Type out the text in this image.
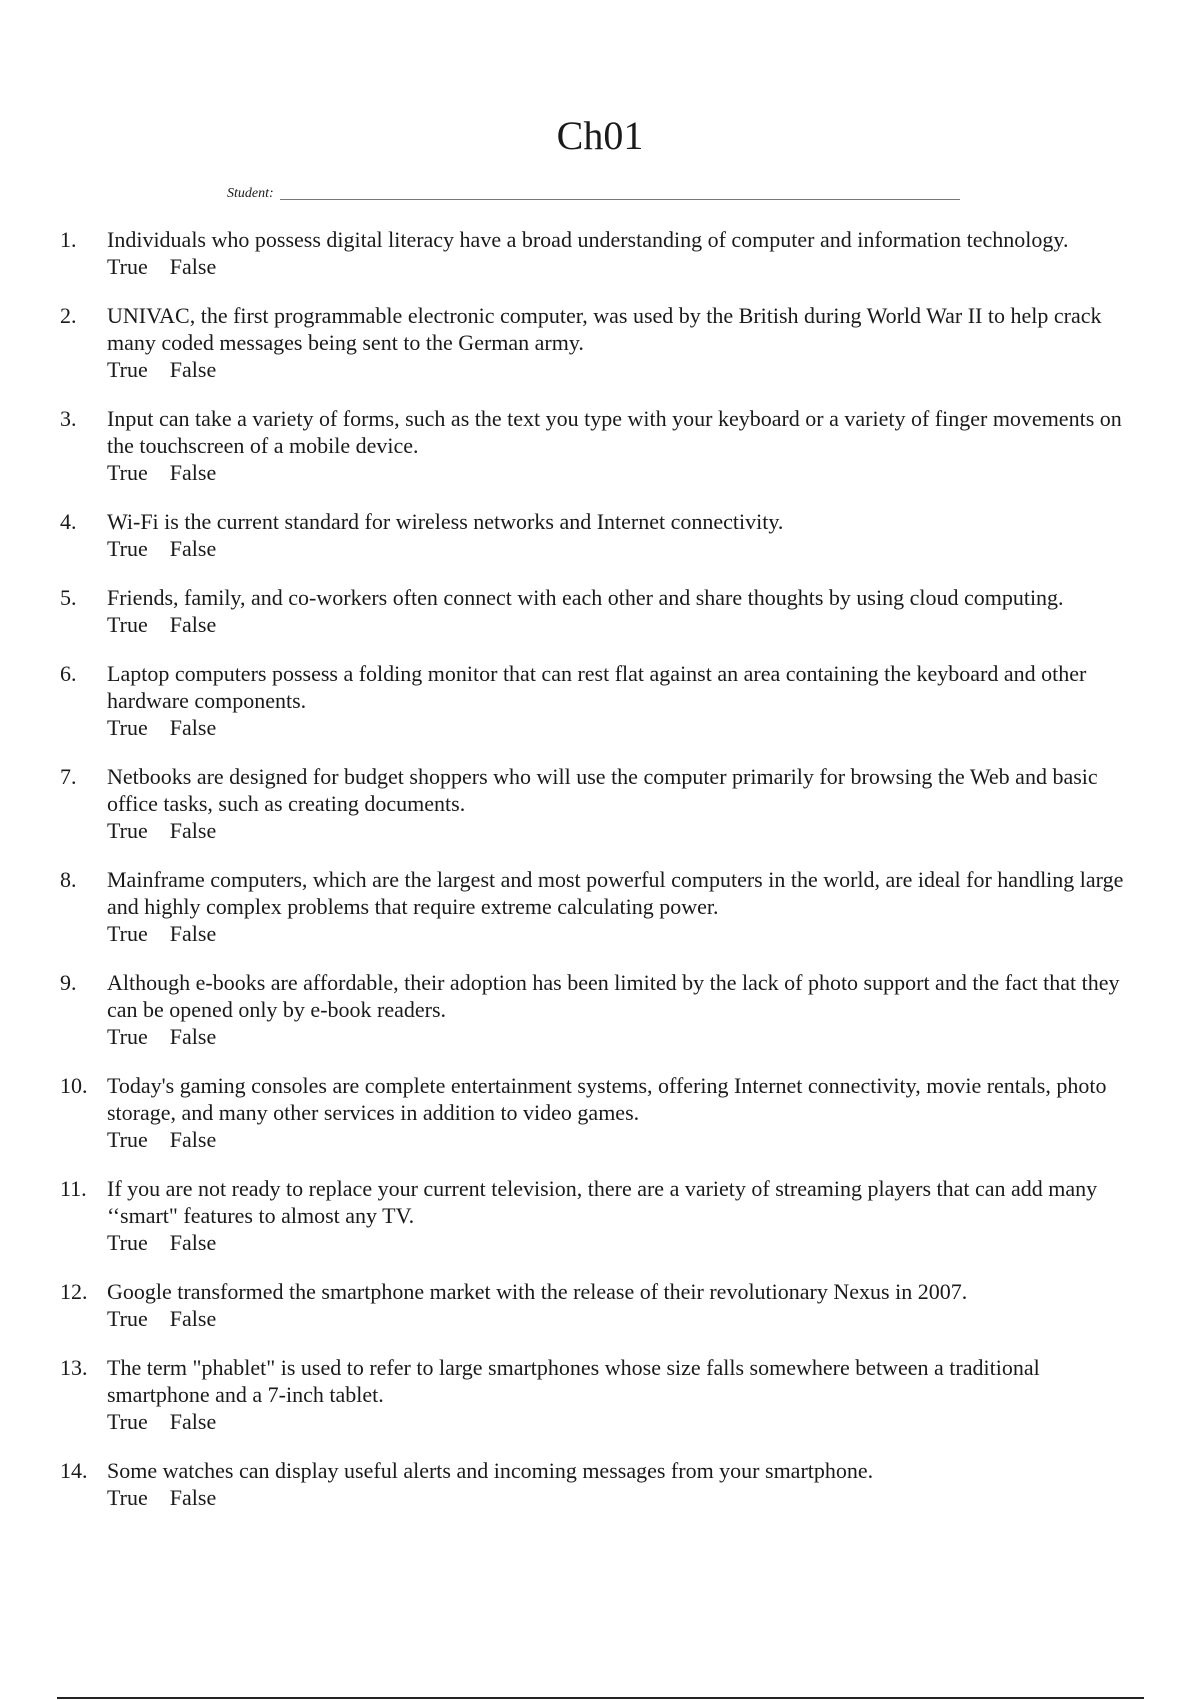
Ch01
Student:
1.	Individuals who possess digital literacy have a broad understanding of computer and information technology.
True False
2.	UNIVAC, the first programmable electronic computer, was used by the British during World War II to help crack many coded messages being sent to the German army.
True False
3.	Input can take a variety of forms, such as the text you type with your keyboard or a variety of finger movements on the touchscreen of a mobile device.
True False
4.	Wi-Fi is the current standard for wireless networks and Internet connectivity.
True False
5.	Friends, family, and co-workers often connect with each other and share thoughts by using cloud computing.
True False
6.	Laptop computers possess a folding monitor that can rest flat against an area containing the keyboard and other hardware components.
True False
7.	Netbooks are designed for budget shoppers who will use the computer primarily for browsing the Web and basic office tasks, such as creating documents.
True False
8.	Mainframe computers, which are the largest and most powerful computers in the world, are ideal for handling large and highly complex problems that require extreme calculating power.
True False
9.	Although e-books are affordable, their adoption has been limited by the lack of photo support and the fact that they can be opened only by e-book readers.
True False
10. Today's gaming consoles are complete entertainment systems, offering Internet connectivity, movie rentals, photo storage, and many other services in addition to video games.
True False
11. If you are not ready to replace your current television, there are a variety of streaming players that can add many ‘‘smart" features to almost any TV.
True False
12. Google transformed the smartphone market with the release of their revolutionary Nexus in 2007.
True False
13. The term "phablet" is used to refer to large smartphones whose size falls somewhere between a traditional smartphone and a 7-inch tablet.
True False
14. Some watches can display useful alerts and incoming messages from your smartphone.
True False
